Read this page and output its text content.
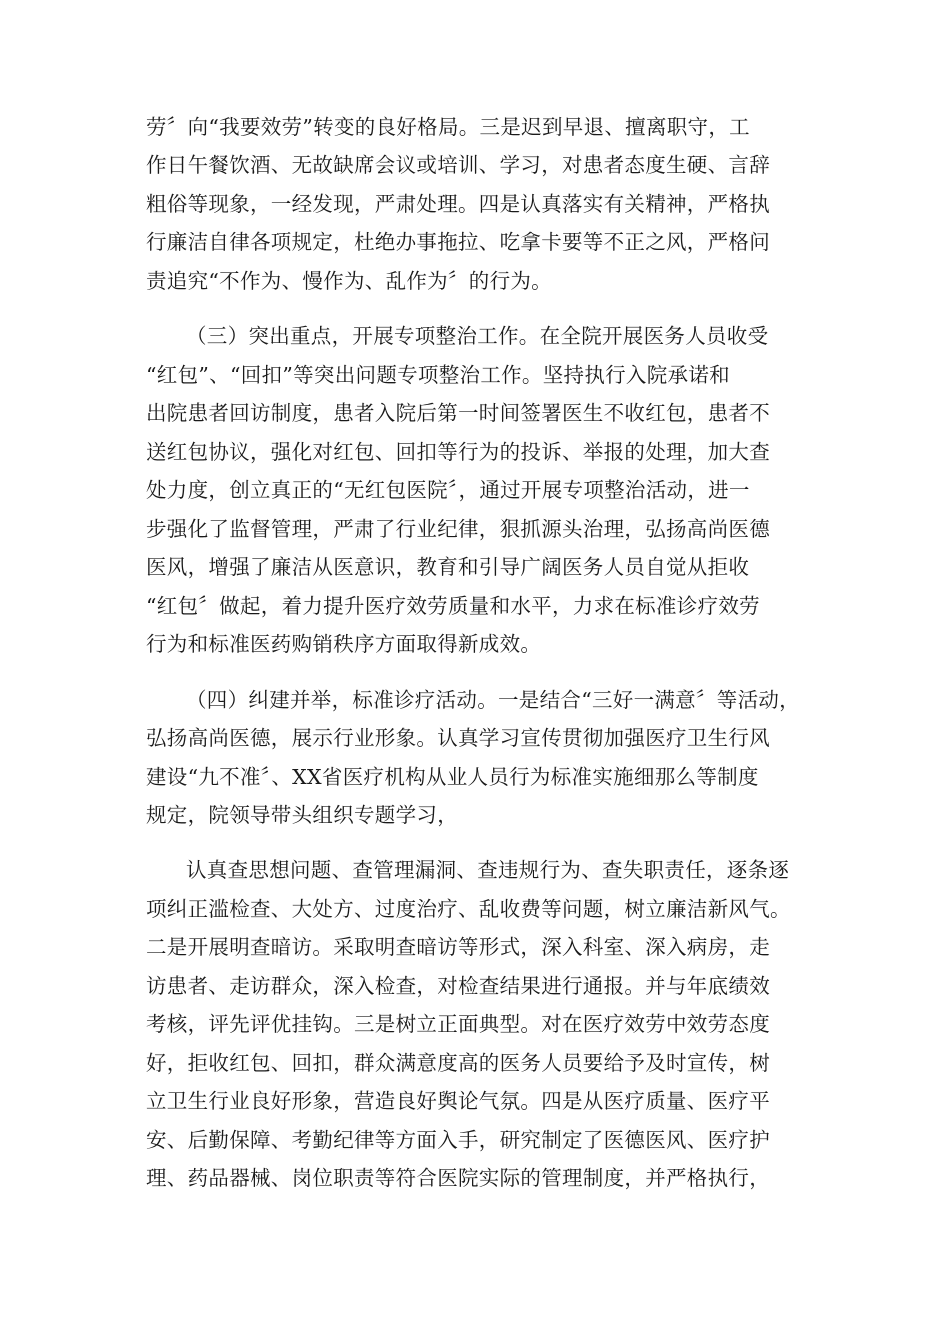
劳〞向“我要效劳”转变的良好格局。三是迟到早退、擅离职守，工
作日午餐饮酒、无故缺席会议或培训、学习，对患者态度生硬、言辞
粗俗等现象，一经发现，严肃处理。四是认真落实有关精神，严格执
行廉洁自律各项规定，杜绝办事拖拉、吃拿卡要等不正之风，严格问
责追究“不作为、慢作为、乱作为〞的行为。
（三）突出重点，开展专项整治工作。在全院开展医务人员收受
“红包”、“回扣”等突出问题专项整治工作。坚持执行入院承诺和
出院患者回访制度，患者入院后第一时间签署医生不收红包，患者不
送红包协议，强化对红包、回扣等行为的投诉、举报的处理，加大查
处力度，创立真正的“无红包医院〞，通过开展专项整治活动，进一
步强化了监督管理，严肃了行业纪律，狠抓源头治理，弘扬高尚医德
医风，增强了廉洁从医意识，教育和引导广阔医务人员自觉从拒收
“红包〞做起，着力提升医疗效劳质量和水平，力求在标准诊疗效劳
行为和标准医药购销秩序方面取得新成效。
（四）纠建并举，标准诊疗活动。一是结合“三好一满意〞等活动，
弘扬高尚医德，展示行业形象。认真学习宣传贯彻加强医疗卫生行风
建设“九不准〞、XX省医疗机构从业人员行为标准实施细那么等制度
规定，院领导带头组织专题学习，
认真查思想问题、查管理漏洞、查违规行为、查失职责任，逐条逐
项纠正滥检查、大处方、过度治疗、乱收费等问题，树立廉洁新风气。
二是开展明查暗访。采取明查暗访等形式，深入科室、深入病房，走
访患者、走访群众，深入检查，对检查结果进行通报。并与年底绩效
考核，评先评优挂钩。三是树立正面典型。对在医疗效劳中效劳态度
好，拒收红包、回扣，群众满意度高的医务人员要给予及时宣传，树
立卫生行业良好形象，营造良好舆论气氛。四是从医疗质量、医疗平
安、后勤保障、考勤纪律等方面入手，研究制定了医德医风、医疗护
理、药品器械、岗位职责等符合医院实际的管理制度，并严格执行，
